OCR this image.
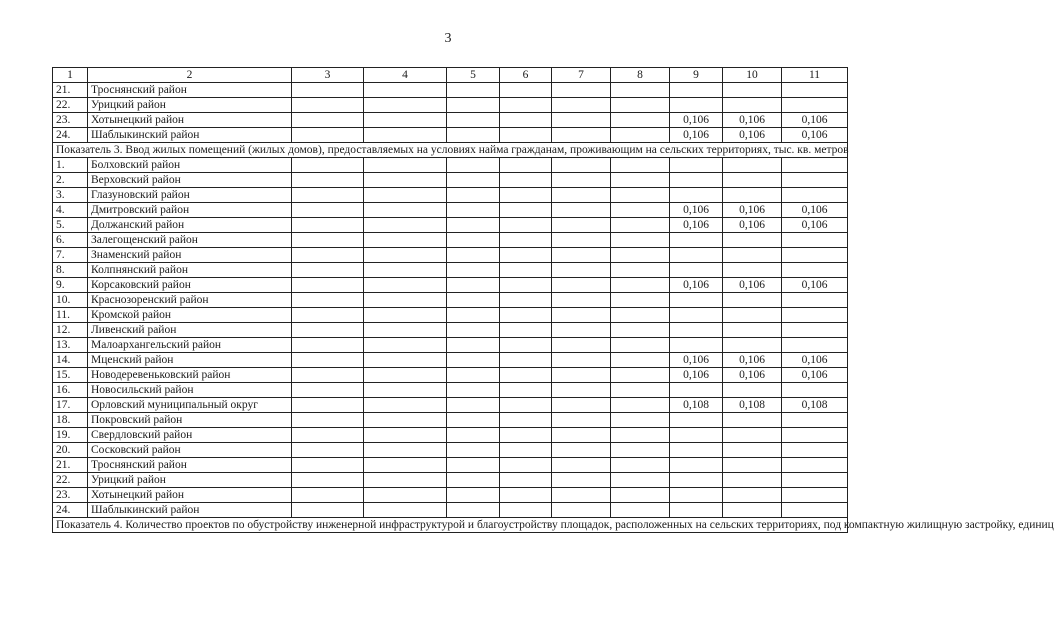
3
1	2	3	4	5	6	7	8	9	10	11
21.	Троснянский район									
22.	Урицкий район									
23.	Хотынецкий район							0,106	0,106	0,106
24.	Шаблыкинский район							0,106	0,106	0,106
Показатель 3. Ввод жилых помещений (жилых домов), предоставляемых на условиях найма гражданам, проживающим на сельских территориях, тыс. кв. метров										
1.	Болховский район									
2.	Верховский район									
3.	Глазуновский район									
4.	Дмитровский район							0,106	0,106	0,106
5.	Должанский район							0,106	0,106	0,106
6.	Залегощенский район									
7.	Знаменский район									
8.	Колпнянский район									
9.	Корсаковский район							0,106	0,106	0,106
10.	Краснозоренский район									
11.	Кромской район									
12.	Ливенский район									
13.	Малоархангельский район									
14.	Мценский район							0,106	0,106	0,106
15.	Новодеревеньковский район							0,106	0,106	0,106
16.	Новосильский район									
17.	Орловский муниципальный округ							0,108	0,108	0,108
18.	Покровский район									
19.	Свердловский район									
20.	Сосковский район									
21.	Троснянский район									
22.	Урицкий район									
23.	Хотынецкий район									
24.	Шаблыкинский район									
Показатель 4. Количество проектов по обустройству инженерной инфраструктурой и благоустройству площадок, расположенных на сельских территориях, под компактную жилищную застройку, единиц										
